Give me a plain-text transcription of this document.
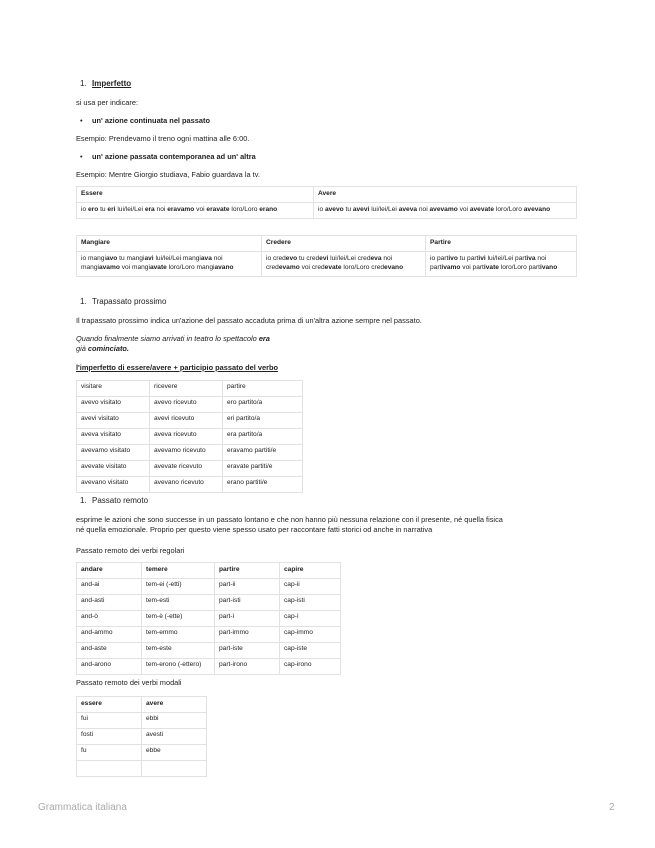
1. Imperfetto
si usa per indicare:
• un' azione continuata nel passato
Esempio: Prendevamo il treno ogni mattina alle 6:00.
• un' azione passata contemporanea ad un' altra
Esempio: Mentre Giorgio studiava, Fabio guardava la tv.
Essere	Avere
io ero tu eri lui/lei/Lei era noi eravamo voi eravate loro/Loro erano	io avevo tu avevi lui/lei/Lei aveva noi avevamo voi avevate loro/Loro avevano
Mangiare	Credere	Partire
io mangiavo tu mangiavi lui/lei/Lei mangiava noi mangiavamo voi mangiavate loro/Loro mangiavano	io credevo tu credevi lui/lei/Lei credeva noi credevamo voi credevate loro/Loro credevano	io partivo tu partivi lui/lei/Lei partiva noi partivamo voi partivate loro/Loro partivano
1. Trapassato prossimo
Il trapassato prossimo indica un'azione del passato accaduta prima di un'altra azione sempre nel passato.
Quando finalmente siamo arrivati in teatro lo spettacolo era
già cominciato.
l'imperfetto di essere/avere + participio passato del verbo
visitare	ricevere	partire
avevo visitato	avevo ricevuto	ero partito/a
avevi visitato	avevi ricevuto	eri partito/a
aveva visitato	aveva ricevuto	era partito/a
avevamo visitato	avevamo ricevuto	eravamo partiti/e
avevate visitato	avevate ricevuto	eravate partiti/e
avevano visitato	avevano ricevuto	erano partiti/e
1. Passato remoto
esprime le azioni che sono successe in un passato lontano e che non hanno più nessuna relazione con il presente, né quella fisica
né quella emozionale. Proprio per questo viene spesso usato per raccontare fatti storici od anche in narrativa
Passato remoto dei verbi regolari
andare	temere	partire	capire
and-ai	tem-ei (-etti)	part-ii	cap-ii
and-asti	tem-esti	part-isti	cap-isti
and-ò	tem-è (-ette)	part-ì	cap-ì
and-ammo	tem-emmo	part-immo	cap-immo
and-aste	tem-este	part-iste	cap-iste
and-arono	tem-erono (-ettero)	part-irono	cap-irono
Passato remoto dei verbi modali
essere	avere
fui	ebbi
fosti	avesti
fu	ebbe

Grammatica italiana	2
